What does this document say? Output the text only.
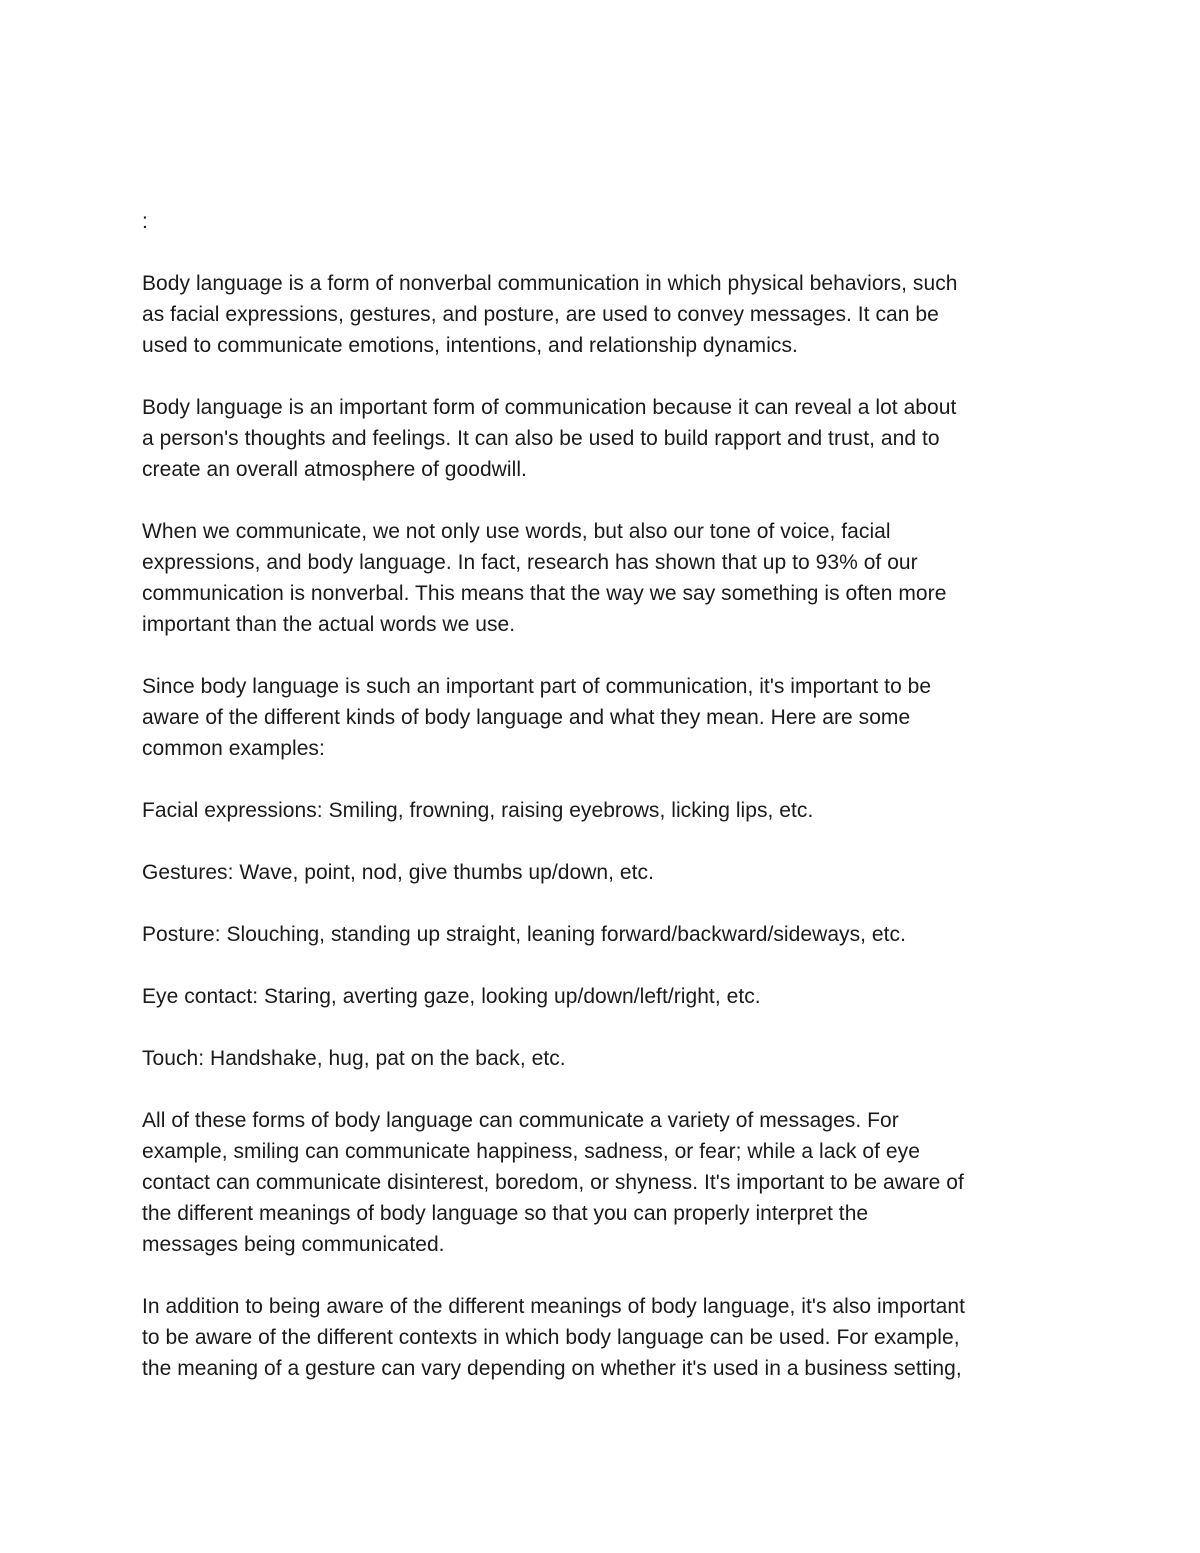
:

Body language is a form of nonverbal communication in which physical behaviors, such
as facial expressions, gestures, and posture, are used to convey messages. It can be
used to communicate emotions, intentions, and relationship dynamics.

Body language is an important form of communication because it can reveal a lot about
a person's thoughts and feelings. It can also be used to build rapport and trust, and to
create an overall atmosphere of goodwill.

When we communicate, we not only use words, but also our tone of voice, facial
expressions, and body language. In fact, research has shown that up to 93% of our
communication is nonverbal. This means that the way we say something is often more
important than the actual words we use.

Since body language is such an important part of communication, it's important to be
aware of the different kinds of body language and what they mean. Here are some
common examples:

Facial expressions: Smiling, frowning, raising eyebrows, licking lips, etc.

Gestures: Wave, point, nod, give thumbs up/down, etc.

Posture: Slouching, standing up straight, leaning forward/backward/sideways, etc.

Eye contact: Staring, averting gaze, looking up/down/left/right, etc.

Touch: Handshake, hug, pat on the back, etc.

All of these forms of body language can communicate a variety of messages. For
example, smiling can communicate happiness, sadness, or fear; while a lack of eye
contact can communicate disinterest, boredom, or shyness. It's important to be aware of
the different meanings of body language so that you can properly interpret the
messages being communicated.

In addition to being aware of the different meanings of body language, it's also important
to be aware of the different contexts in which body language can be used. For example,
the meaning of a gesture can vary depending on whether it's used in a business setting,
